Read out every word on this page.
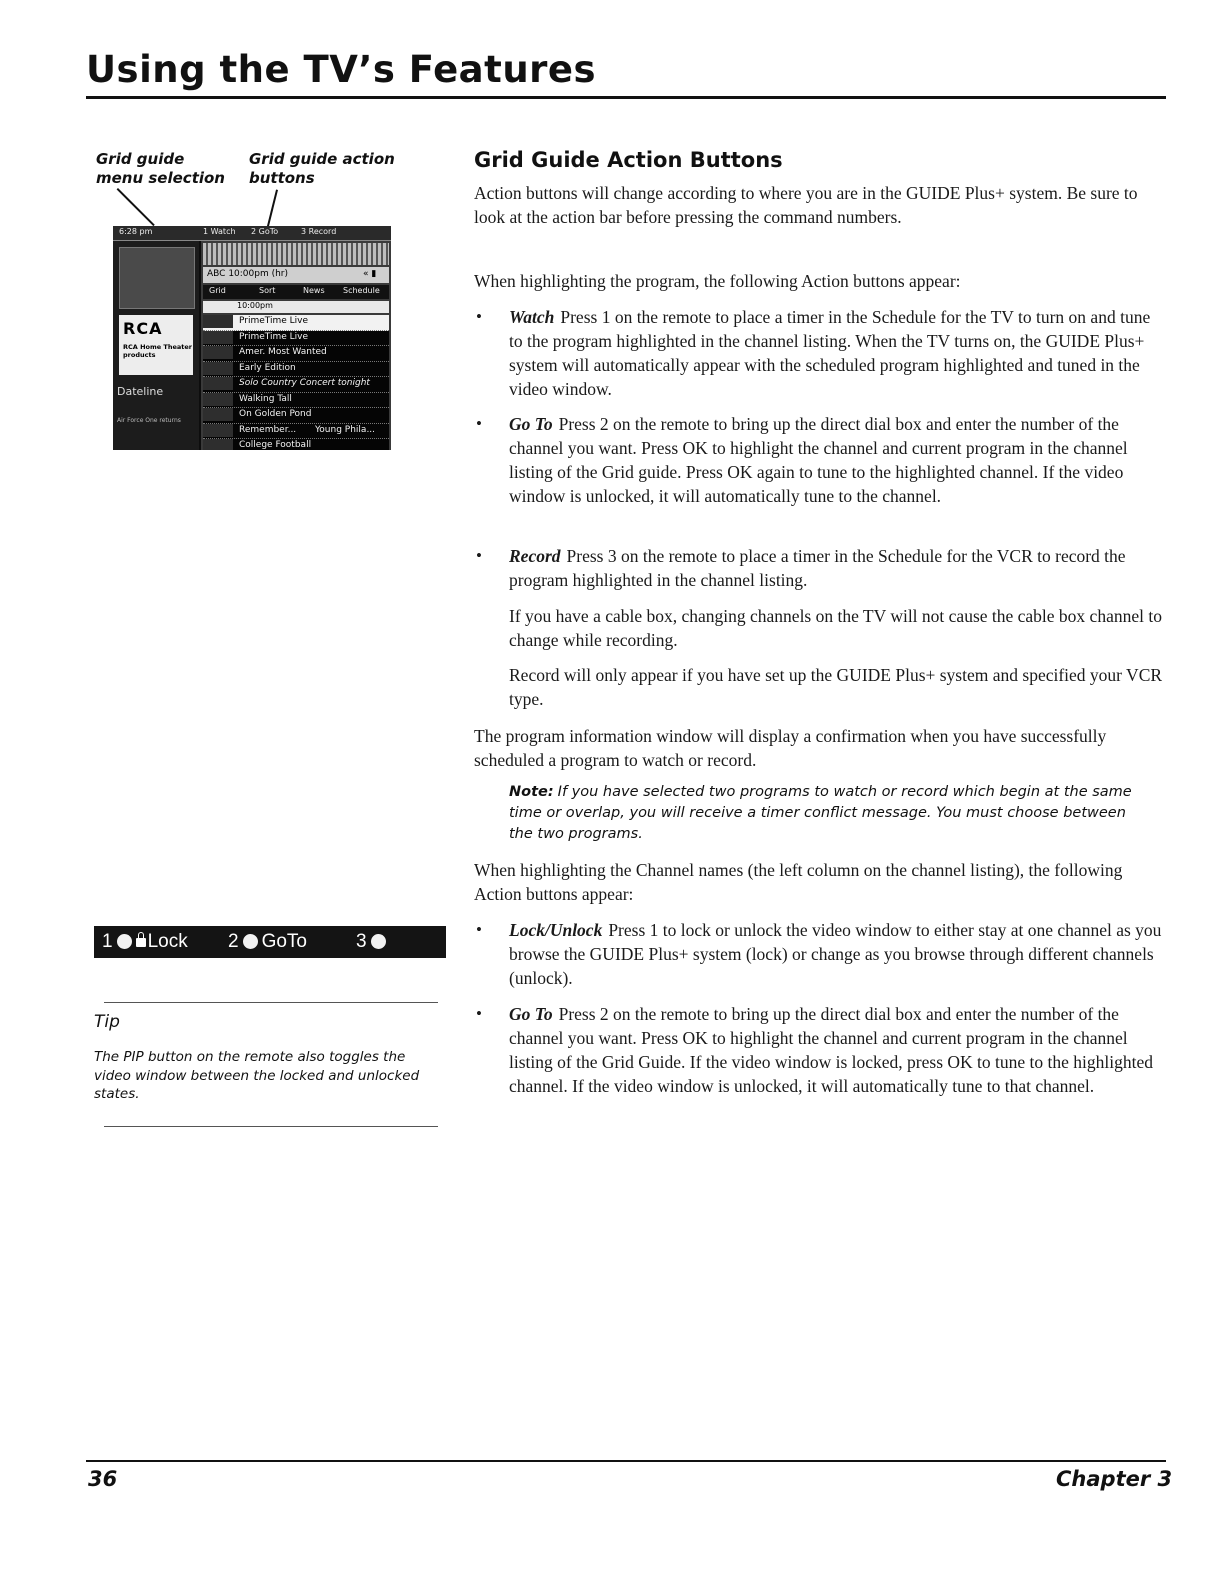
Using the TV’s Features
Grid guide menu selection
Grid guide action buttons
6:28 pm	1 Watch 2 GoTo	3 Record
RCA
RCA Home Theater products
Dateline
Air Force One returns
ABC 10:00pm (hr)	« ▮
Grid	Sort	News Schedule
10:00pm
PrimeTime Live
PrimeTime Live
Amer. Most Wanted
Early Edition
Solo Country Concert tonight
Walking Tall
On Golden Pond
Remember... Young Phila...
College Football
1 Lock 2 GoTo	3
Tip
The PIP button on the remote also toggles the video window between the locked and unlocked states.
Grid Guide Action Buttons
Action buttons will change according to where you are in the GUIDE Plus+ system. Be sure to look at the action bar before pressing the command numbers.
When highlighting the program, the following Action buttons appear:
• Watch Press 1 on the remote to place a timer in the Schedule for the TV to turn on and tune to the program highlighted in the channel listing. When the TV turns on, the GUIDE Plus+ system will automatically appear with the scheduled program highlighted and tuned in the video window.
• Go To Press 2 on the remote to bring up the direct dial box and enter the number of the channel you want. Press OK to highlight the channel and current program in the channel listing of the Grid guide. Press OK again to tune to the highlighted channel. If the video window is unlocked, it will automatically tune to the channel.
• Record Press 3 on the remote to place a timer in the Schedule for the VCR to record the program highlighted in the channel listing.
If you have a cable box, changing channels on the TV will not cause the cable box channel to change while recording.
Record will only appear if you have set up the GUIDE Plus+ system and specified your VCR type.
The program information window will display a confirmation when you have successfully scheduled a program to watch or record.
Note: If you have selected two programs to watch or record which begin at the same time or overlap, you will receive a timer conflict message. You must choose between the two programs.
When highlighting the Channel names (the left column on the channel listing), the following Action buttons appear:
• Lock/Unlock Press 1 to lock or unlock the video window to either stay at one channel as you browse the GUIDE Plus+ system (lock) or change as you browse through different channels (unlock).
• Go To Press 2 on the remote to bring up the direct dial box and enter the number of the channel you want. Press OK to highlight the channel and current program in the channel listing of the Grid Guide. If the video window is locked, press OK to tune to the highlighted channel. If the video window is unlocked, it will automatically tune to that channel.
36	Chapter 3
